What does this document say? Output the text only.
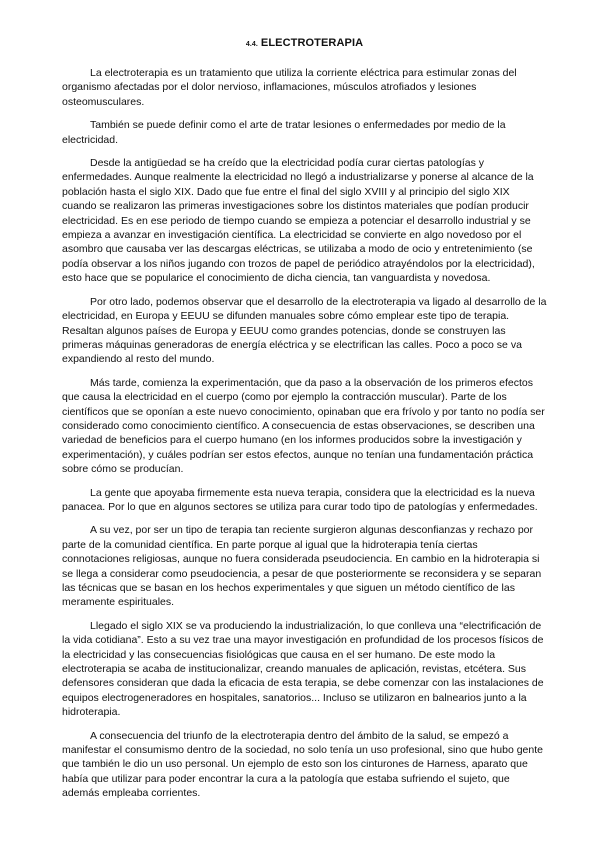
4.4. ELECTROTERAPIA

La electroterapia es un tratamiento que utiliza la corriente eléctrica para estimular zonas del organismo afectadas por el dolor nervioso, inflamaciones, músculos atrofiados y lesiones osteomusculares.

También se puede definir como el arte de tratar lesiones o enfermedades por medio de la electricidad.

Desde la antigüedad se ha creído que la electricidad podía curar ciertas patologías y enfermedades. Aunque realmente la electricidad no llegó a industrializarse y ponerse al alcance de la población hasta el siglo XIX. Dado que fue entre el final del siglo XVIII y al principio del siglo XIX cuando se realizaron las primeras investigaciones sobre los distintos materiales que podían producir electricidad. Es en ese periodo de tiempo cuando se empieza a potenciar el desarrollo industrial y se empieza a avanzar en investigación científica. La electricidad se convierte en algo novedoso por el asombro que causaba ver las descargas eléctricas, se utilizaba a modo de ocio y entretenimiento (se podía observar a los niños jugando con trozos de papel de periódico atrayéndolos por la electricidad), esto hace que se popularice el conocimiento de dicha ciencia, tan vanguardista y novedosa.

Por otro lado, podemos observar que el desarrollo de la electroterapia va ligado al desarrollo de la electricidad, en Europa y EEUU se difunden manuales sobre cómo emplear este tipo de terapia. Resaltan algunos países de Europa y EEUU como grandes potencias, donde se construyen las primeras máquinas generadoras de energía eléctrica y se electrifican las calles. Poco a poco se va expandiendo al resto del mundo.

Más tarde, comienza la experimentación, que da paso a la observación de los primeros efectos que causa la electricidad en el cuerpo (como por ejemplo la contracción muscular). Parte de los científicos que se oponían a este nuevo conocimiento, opinaban que era frívolo y por tanto no podía ser considerado como conocimiento científico. A consecuencia de estas observaciones, se describen una variedad de beneficios para el cuerpo humano (en los informes producidos sobre la investigación y experimentación), y cuáles podrían ser estos efectos, aunque no tenían una fundamentación práctica sobre cómo se producían.

La gente que apoyaba firmemente esta nueva terapia, considera que la electricidad es la nueva panacea. Por lo que en algunos sectores se utiliza para curar todo tipo de patologías y enfermedades.

A su vez, por ser un tipo de terapia tan reciente surgieron algunas desconfianzas y rechazo por parte de la comunidad científica. En parte porque al igual que la hidroterapia tenía ciertas connotaciones religiosas, aunque no fuera considerada pseudociencia. En cambio en la hidroterapia si se llega a considerar como pseudociencia, a pesar de que posteriormente se reconsidera y se separan las técnicas que se basan en los hechos experimentales y que siguen un método científico de las meramente espirituales.

Llegado el siglo XIX se va produciendo la industrialización, lo que conlleva una “electrificación de la vida cotidiana”. Esto a su vez trae una mayor investigación en profundidad de los procesos físicos de la electricidad y las consecuencias fisiológicas que causa en el ser humano. De este modo la electroterapia se acaba de institucionalizar, creando manuales de aplicación, revistas, etcétera. Sus defensores consideran que dada la eficacia de esta terapia, se debe comenzar con las instalaciones de equipos electrogeneradores en hospitales, sanatorios... Incluso se utilizaron en balnearios junto a la hidroterapia.

A consecuencia del triunfo de la electroterapia dentro del ámbito de la salud, se empezó a manifestar el consumismo dentro de la sociedad, no solo tenía un uso profesional, sino que hubo gente que también le dio un uso personal. Un ejemplo de esto son los cinturones de Harness, aparato que había que utilizar para poder encontrar la cura a la patología que estaba sufriendo el sujeto, que además empleaba corrientes.
